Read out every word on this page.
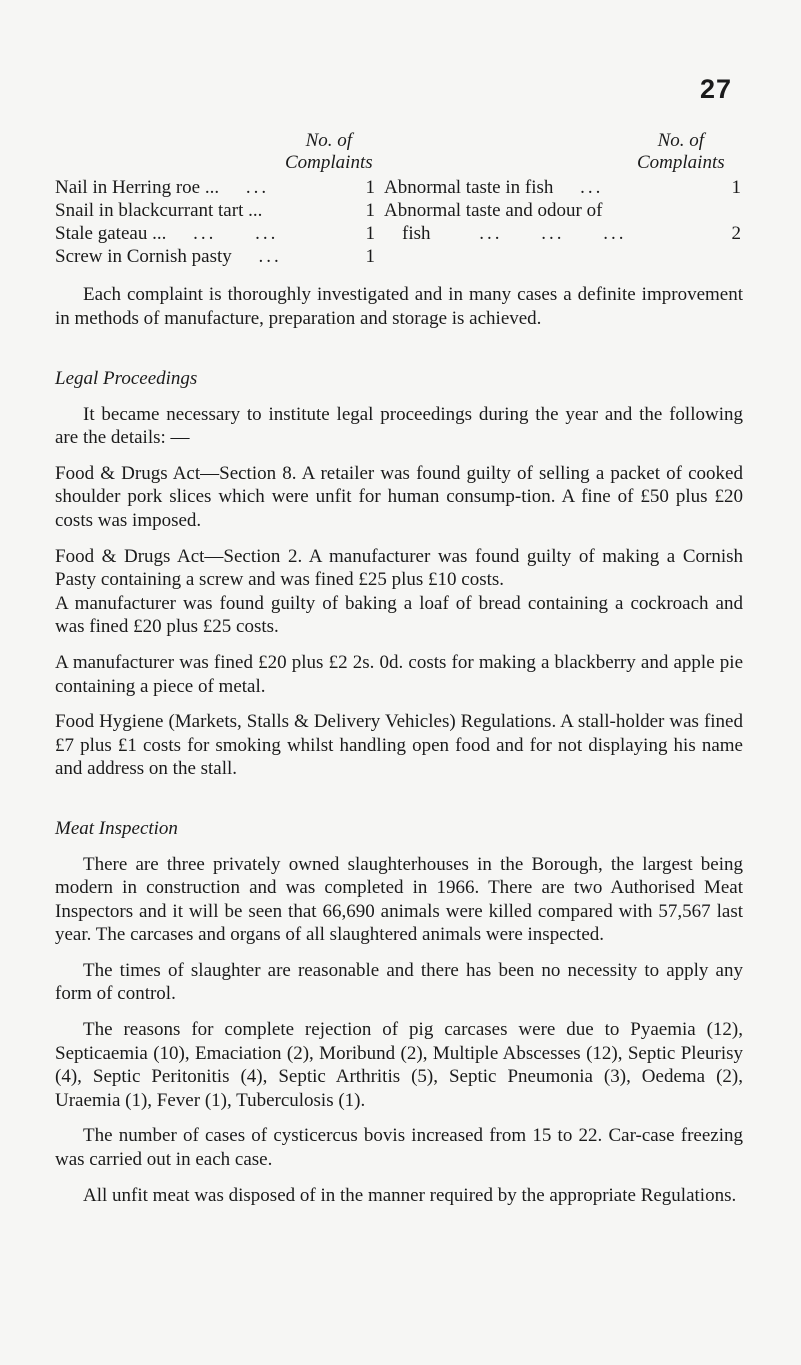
27
No. of
Complaints
No. of
Complaints
Nail in Herring roe ... ...	1
Snail in blackcurrant tart ...	1
Stale gateau ... ...     ...	1
Screw in Cornish pasty ...	1
Abnormal taste in fish ...	1
Abnormal taste and odour of
fish	...     ...     ...	2

Each complaint is thoroughly investigated and in many cases a definite improvement in methods of manufacture, preparation and storage is achieved.

Legal Proceedings

It became necessary to institute legal proceedings during the year and the following are the details: —

Food & Drugs Act—Section 8. A retailer was found guilty of selling a packet of cooked shoulder pork slices which were unfit for human consump-tion. A fine of £50 plus £20 costs was imposed.

Food & Drugs Act—Section 2. A manufacturer was found guilty of making a Cornish Pasty containing a screw and was fined £25 plus £10 costs.

A manufacturer was found guilty of baking a loaf of bread containing a cockroach and was fined £20 plus £25 costs.

A manufacturer was fined £20 plus £2 2s. 0d. costs for making a blackberry and apple pie containing a piece of metal.

Food Hygiene (Markets, Stalls & Delivery Vehicles) Regulations. A stall-holder was fined £7 plus £1 costs for smoking whilst handling open food and for not displaying his name and address on the stall.

Meat Inspection

There are three privately owned slaughterhouses in the Borough, the largest being modern in construction and was completed in 1966. There are two Authorised Meat Inspectors and it will be seen that 66,690 animals were killed compared with 57,567 last year. The carcases and organs of all slaughtered animals were inspected.

The times of slaughter are reasonable and there has been no necessity to apply any form of control.

The reasons for complete rejection of pig carcases were due to Pyaemia (12), Septicaemia (10), Emaciation (2), Moribund (2), Multiple Abscesses (12), Septic Pleurisy (4), Septic Peritonitis (4), Septic Arthritis (5), Septic Pneumonia (3), Oedema (2), Uraemia (1), Fever (1), Tuberculosis (1).

The number of cases of cysticercus bovis increased from 15 to 22. Car-case freezing was carried out in each case.

All unfit meat was disposed of in the manner required by the appropriate Regulations.
